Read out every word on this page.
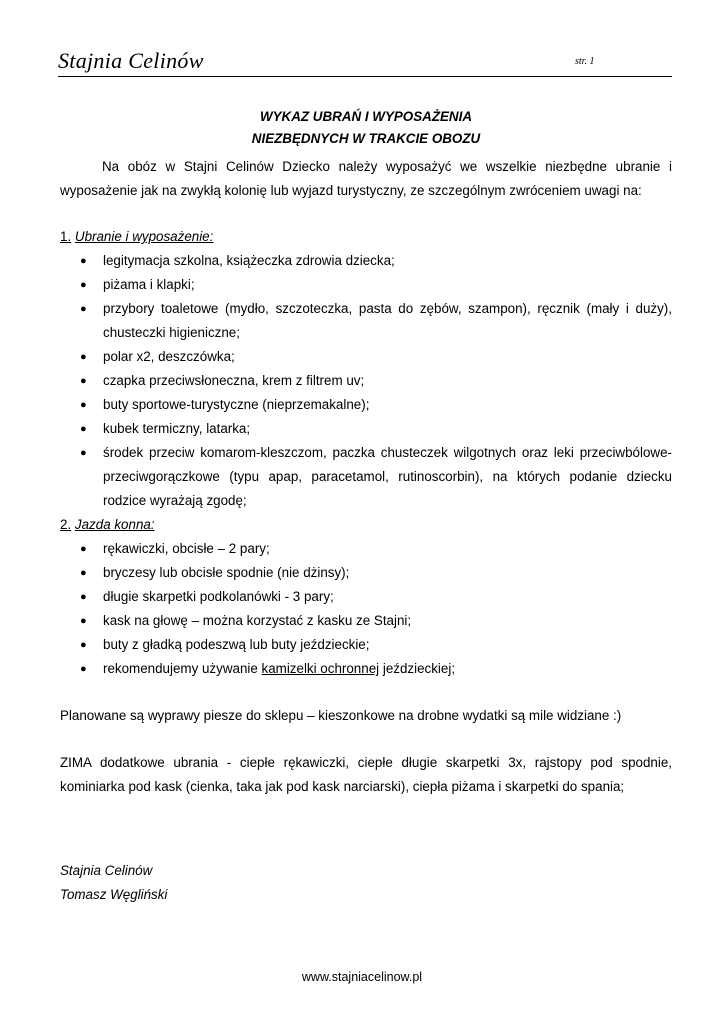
Stajnia Celinów	str. 1

WYKAZ UBRAŃ I WYPOSAŻENIA

NIEZBĘDNYCH W TRAKCIE OBOZU

Na obóz w Stajni Celinów Dziecko należy wyposażyć we wszelkie niezbędne ubranie i wyposażenie jak na zwykłą kolonię lub wyjazd turystyczny, ze szczególnym zwróceniem uwagi na:

1. Ubranie i wyposażenie:

● legitymacja szkolna, książeczka zdrowia dziecka;
● piżama i klapki;
● przybory toaletowe (mydło, szczoteczka, pasta do zębów, szampon), ręcznik (mały i duży), chusteczki higieniczne;
● polar x2, deszczówka;
● czapka przeciwsłoneczna, krem z filtrem uv;
● buty sportowe-turystyczne (nieprzemakalne);
● kubek termiczny, latarka;
● środek przeciw komarom-kleszczom, paczka chusteczek wilgotnych oraz leki przeciwbólowe-przeciwgorączkowe (typu apap, paracetamol, rutinoscorbin), na których podanie dziecku rodzice wyrażają zgodę;

2. Jazda konna:

● rękawiczki, obcisłe – 2 pary;
● bryczesy lub obcisłe spodnie (nie dżinsy);
● długie skarpetki podkolanówki - 3 pary;
● kask na głowę – można korzystać z kasku ze Stajni;
● buty z gładką podeszwą lub buty jeździeckie;
● rekomendujemy używanie kamizelki ochronnej jeździeckiej;

Planowane są wyprawy piesze do sklepu – kieszonkowe na drobne wydatki są mile widziane :)

ZIMA dodatkowe ubrania - ciepłe rękawiczki, ciepłe długie skarpetki 3x, rajstopy pod spodnie, kominiarka pod kask (cienka, taka jak pod kask narciarski), ciepła piżama i skarpetki do spania;

Stajnia Celinów
Tomasz Węgliński
www.stajniacelinow.pl
